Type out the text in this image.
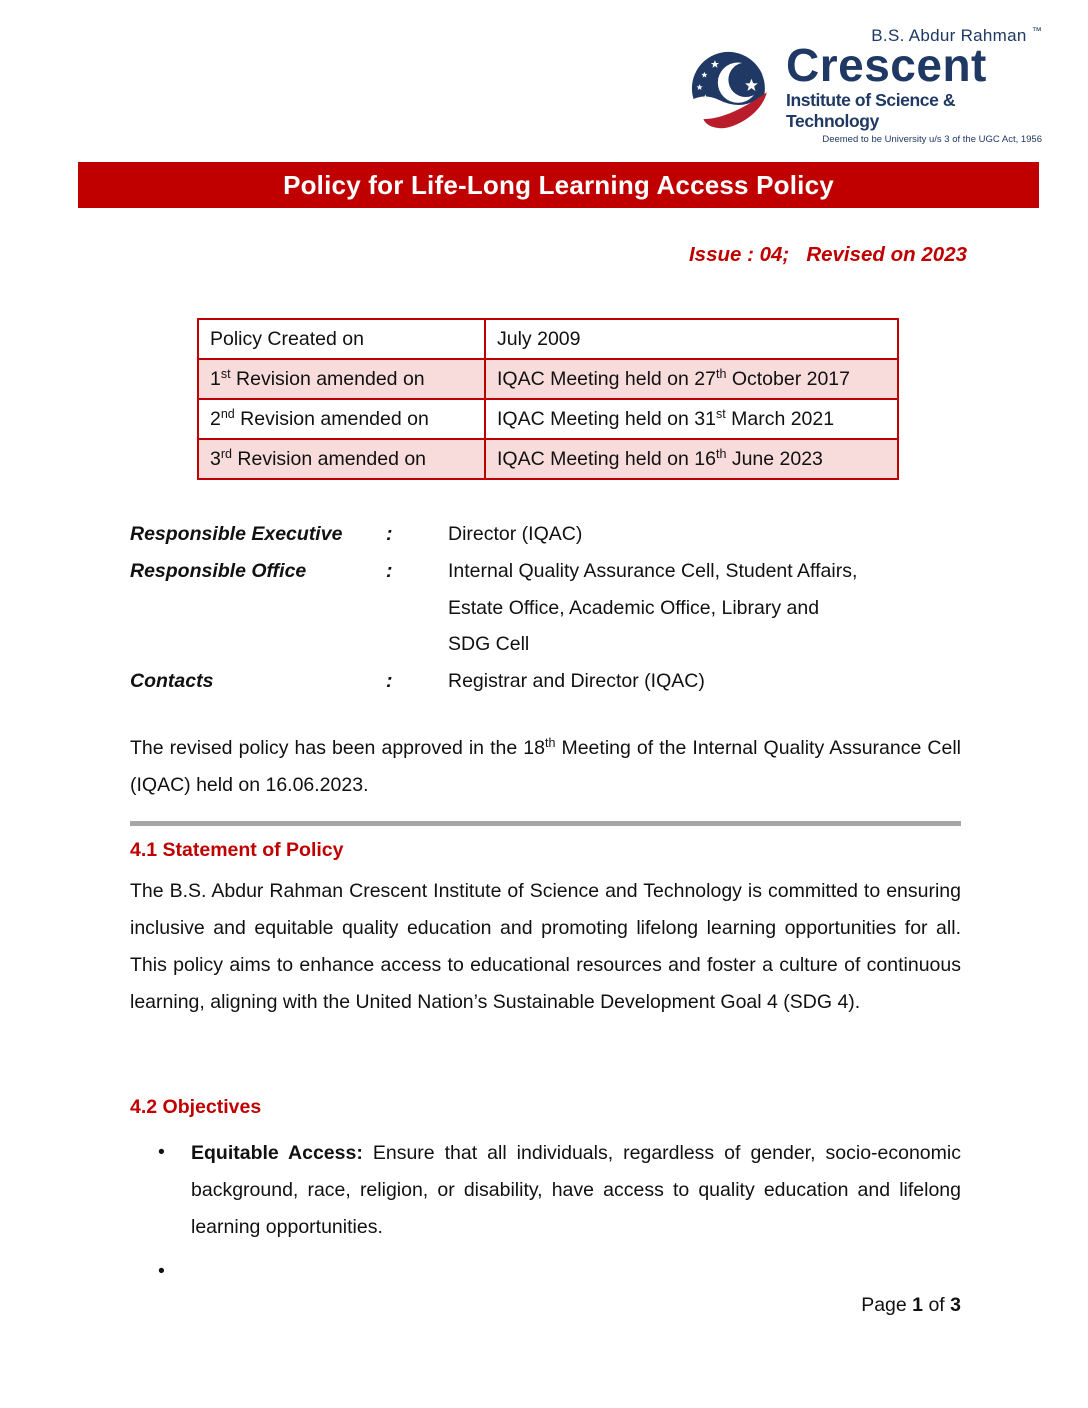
B.S. Abdur Rahman ™
Crescent
Institute of Science & Technology
Deemed to be University u/s 3 of the UGC Act, 1956
Policy for Life-Long Learning Access Policy
Issue : 04;   Revised on 2023
Policy Created on	July 2009
1st Revision amended on	IQAC Meeting held on 27th October 2017
2nd Revision amended on	IQAC Meeting held on 31st March 2021
3rd Revision amended on	IQAC Meeting held on 16th June 2023
Responsible Executive	:	Director (IQAC)
Responsible Office	:	Internal Quality Assurance Cell, Student Affairs,
Estate Office, Academic Office, Library and
SDG Cell
Contacts	:	Registrar and Director (IQAC)
The revised policy has been approved in the 18th Meeting of the Internal Quality Assurance Cell (IQAC) held on 16.06.2023.
4.1 Statement of Policy
The B.S. Abdur Rahman Crescent Institute of Science and Technology is committed to ensuring inclusive and equitable quality education and promoting lifelong learning opportunities for all. This policy aims to enhance access to educational resources and foster a culture of continuous learning, aligning with the United Nation’s Sustainable Development Goal 4 (SDG 4).
4.2 Objectives
• Equitable Access: Ensure that all individuals, regardless of gender, socio-economic background, race, religion, or disability, have access to quality education and lifelong learning opportunities.
•
Page 1 of 3
